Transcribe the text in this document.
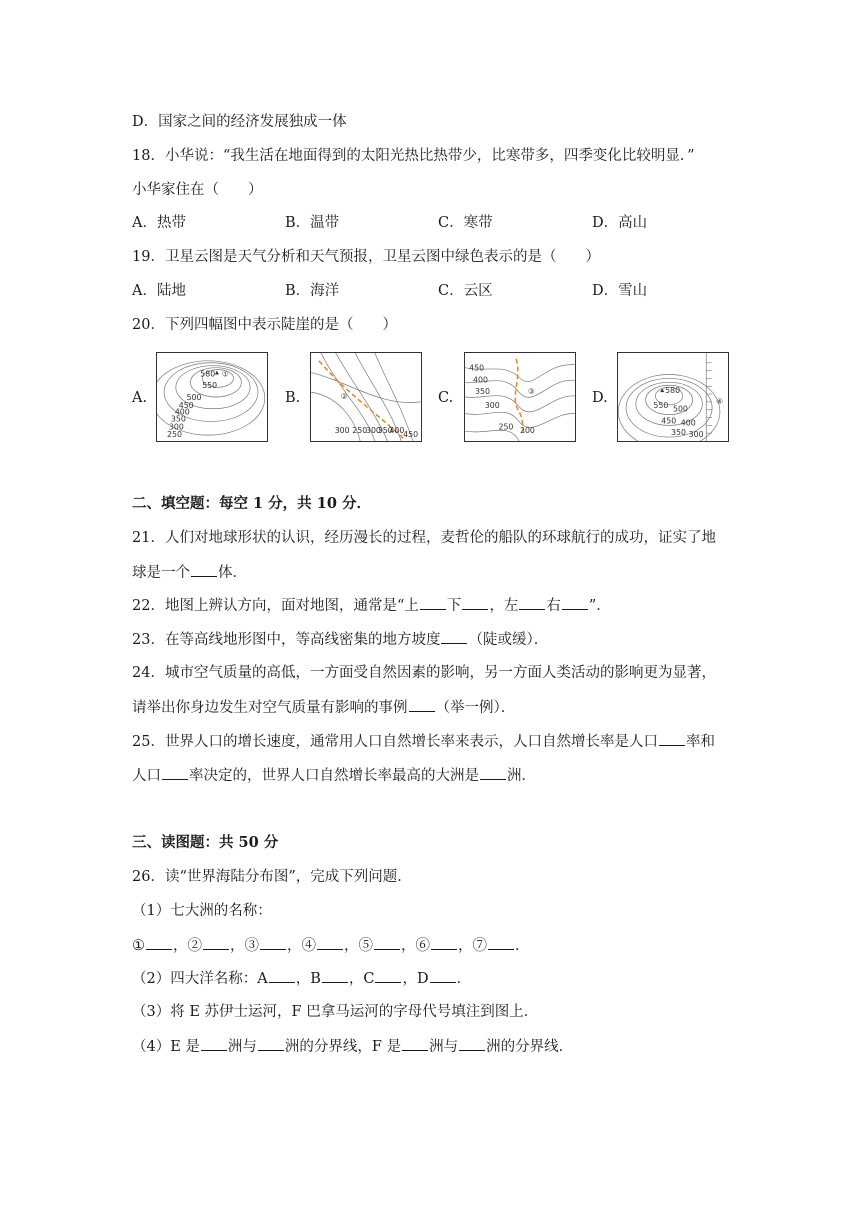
D．国家之间的经济发展独成一体
18．小华说：“我生活在地面得到的太阳光热比热带少，比寒带多，四季变化比较明显．”
小华家住在（　　）
A．热带	B．温带	C．寒带	D．高山
19．卫星云图是天气分析和天气预报，卫星云图中绿色表示的是（　　）
A．陆地	B．海洋	C．云区	D．雪山
20．下列四幅图中表示陡崖的是（　　）
A.
580 ①
550
500
450
400
350
300
250
B.	②
300 250
300
350
400
450
C.
450
400
350
300
250 200
③	D.	580
550 500
450 400
350 300
④
二、填空题：每空 1 分，共 10 分．
21．人们对地球形状的认识，经历漫长的过程，麦哲伦的船队的环球航行的成功，证实了地
球是一个 体．
22．地图上辨认方向，面对地图，通常是“上 下 ，左 右 ”．
23．在等高线地形图中，等高线密集的地方坡度 （陡或缓）．
24．城市空气质量的高低，一方面受自然因素的影响，另一方面人类活动的影响更为显著，
请举出你身边发生对空气质量有影响的事例 （举一例）．
25．世界人口的增长速度，通常用人口自然增长率来表示，人口自然增长率是人口 率和
人口 率决定的，世界人口自然增长率最高的大洲是 洲．
三、读图题：共 50 分
26．读“世界海陆分布图”，完成下列问题．
（1）七大洲的名称：
① ，② ，③ ，④ ，⑤ ，⑥ ，⑦ ．
（2）四大洋名称：A ，B ，C ，D ．
（3）将 E 苏伊士运河，F 巴拿马运河的字母代号填注到图上．
（4）E 是 洲与 洲的分界线，F 是 洲与 洲的分界线．
